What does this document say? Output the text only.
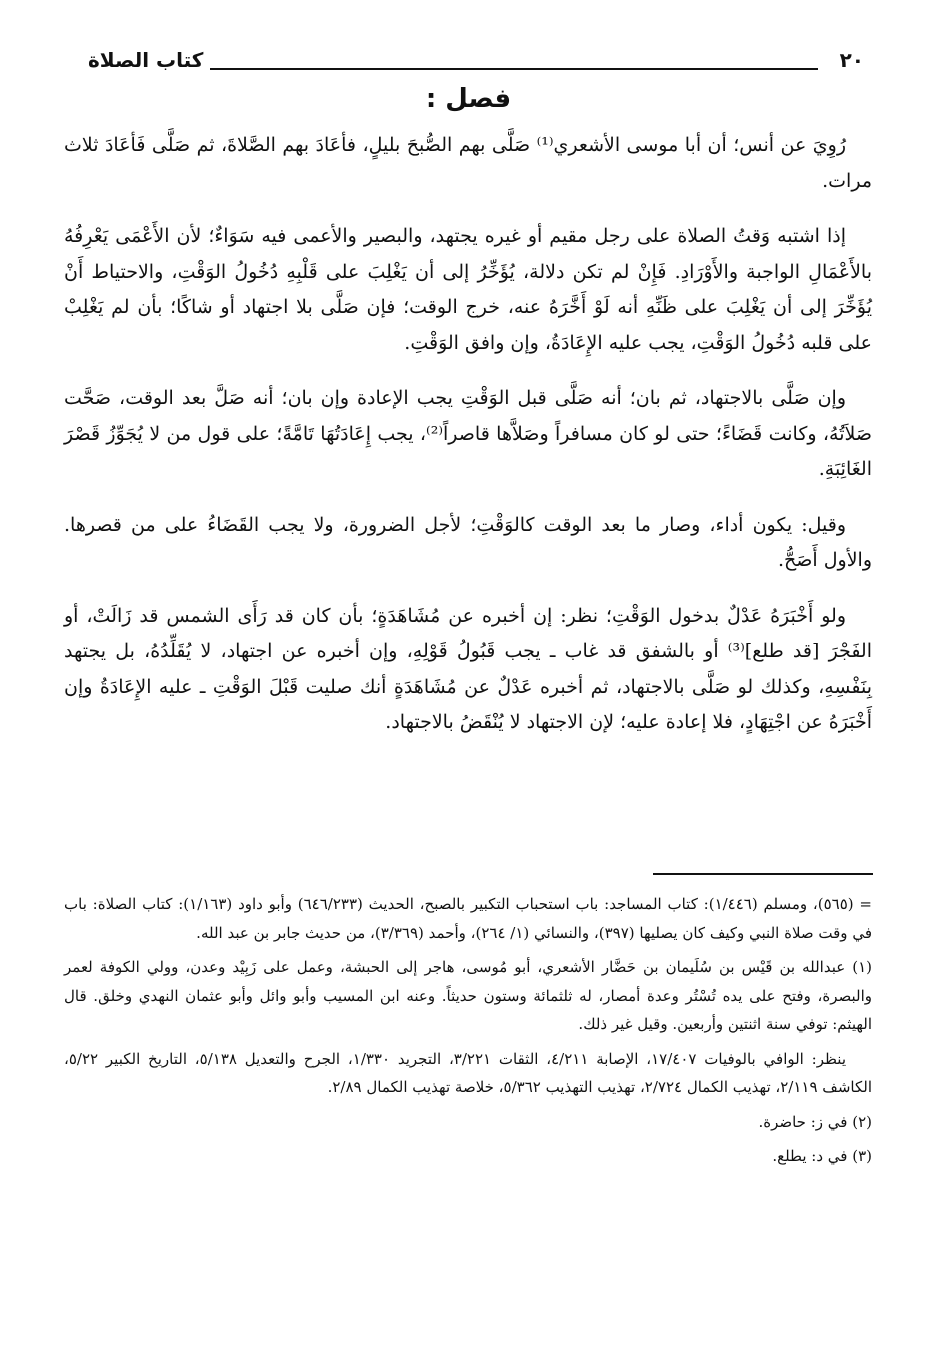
٢٠
كتاب الصلاة
فصل :

رُوِيَ عن أنس؛ أن أبا موسى الأشعري⁽¹⁾ صَلَّى بهم الصُّبحَ بليلٍ، فأعَادَ بهم الصَّلاةَ، ثم صَلَّى فَأعَادَ ثلاث مرات.

إذا اشتبه وَقتُ الصلاة على رجل مقيم أو غيره يجتهد، والبصير والأعمى فيه سَوَاءٌ؛ لأن الأَعْمَى يَعْرِفُهُ بالأَعْمَالِ الواجبة والأَوْرَادِ. فَإِنْ لم تكن دلالة، يُؤَخِّرُ إلى أن يَغْلِبَ على قَلْبِهِ دُخُولُ الوَقْتِ، والاحتياط أَنْ يُؤَخِّرَ إلى أن يَغْلِبَ على ظَنِّهِ أنه لَوْ أَخَّرَهُ عنه، خرج الوقت؛ فإن صَلَّى بلا اجتهاد أو شاكًا؛ بأن لم يَغْلِبْ على قلبه دُخُولُ الوَقْتِ، يجب عليه الإِعَادَةُ، وإن وافق الوَقْتِ.

وإن صَلَّى بالاجتهاد، ثم بان؛ أنه صَلَّى قبل الوَقْتِ يجب الإعادة وإن بان؛ أنه صَلَّ بعد الوقت، صَحَّت صَلاَتُهُ، وكانت قَضَاءً؛ حتى لو كان مسافراً وصَلاَّها قاصراً⁽²⁾، يجب إِعَادَتُهَا تَامَّةً؛ على قول من لا يُجَوِّزُ قَصْرَ الغَائِبَةِ.

وقيل: يكون أداء، وصار ما بعد الوقت كالوَقْتِ؛ لأجل الضرورة، ولا يجب القَضَاءُ على من قصرها. والأول أَصَحُّ.

ولو أَخْبَرَهُ عَدْلٌ بدخول الوَقْتِ؛ نظر: إن أخبره عن مُشَاهَدَةٍ؛ بأن كان قد رَأَى الشمس قد زَالَتْ، أو الفَجْرَ [قد طلع]⁽³⁾ أو بالشفق قد غاب ـ يجب قَبُولُ قَوْلِهِ، وإن أخبره عن اجتهاد، لا يُقَلِّدُهُ، بل يجتهد بِنَفْسِهِ، وكذلك لو صَلَّى بالاجتهاد، ثم أخبره عَدْلٌ عن مُشَاهَدَةٍ أنك صليت قَبْلَ الوَقْتِ ـ عليه الإِعَادَةُ وإن أَخْبَرَهُ عن اجْتِهَادٍ، فلا إعادة عليه؛ لإن الاجتهاد لا يُنْقَضُ بالاجتهاد.

= (٥٦٥)، ومسلم (١/٤٤٦): كتاب المساجد: باب استحباب التكبير بالصبح، الحديث (٦٤٦/٢٣٣) وأبو داود (١/١٦٣): كتاب الصلاة: باب في وقت صلاة النبي وكيف كان يصليها (٣٩٧)، والنسائي (١/ ٢٦٤)، وأحمد (٣/٣٦٩)، من حديث جابر بن عبد الله.

(١) عبدالله بن قَيْس بن سُلَيمان بن حَضَّار الأشعري، أبو مُوسى، هاجر إلى الحبشة، وعمل على زَبِيْد وعدن، وولي الكوفة لعمر والبصرة، وفتح على يده تُسْتُر وعدة أمصار، له ثلثمائة وستون حديثاً. وعنه ابن المسيب وأبو وائل وأبو عثمان النهدي وخلق. قال الهيثم: توفي سنة اثنتين وأربعين. وقيل غير ذلك.

ينظر: الوافي بالوفيات ١٧/٤٠٧، الإصابة ٤/٢١١، الثقات ٣/٢٢١، التجريد ١/٣٣٠، الجرح والتعديل ٥/١٣٨، التاريخ الكبير ٥/٢٢، الكاشف ٢/١١٩، تهذيب الكمال ٢/٧٢٤، تهذيب التهذيب ٥/٣٦٢، خلاصة تهذيب الكمال ٢/٨٩.

(٢) في ز: حاضرة.

(٣) في د: يطلع.
